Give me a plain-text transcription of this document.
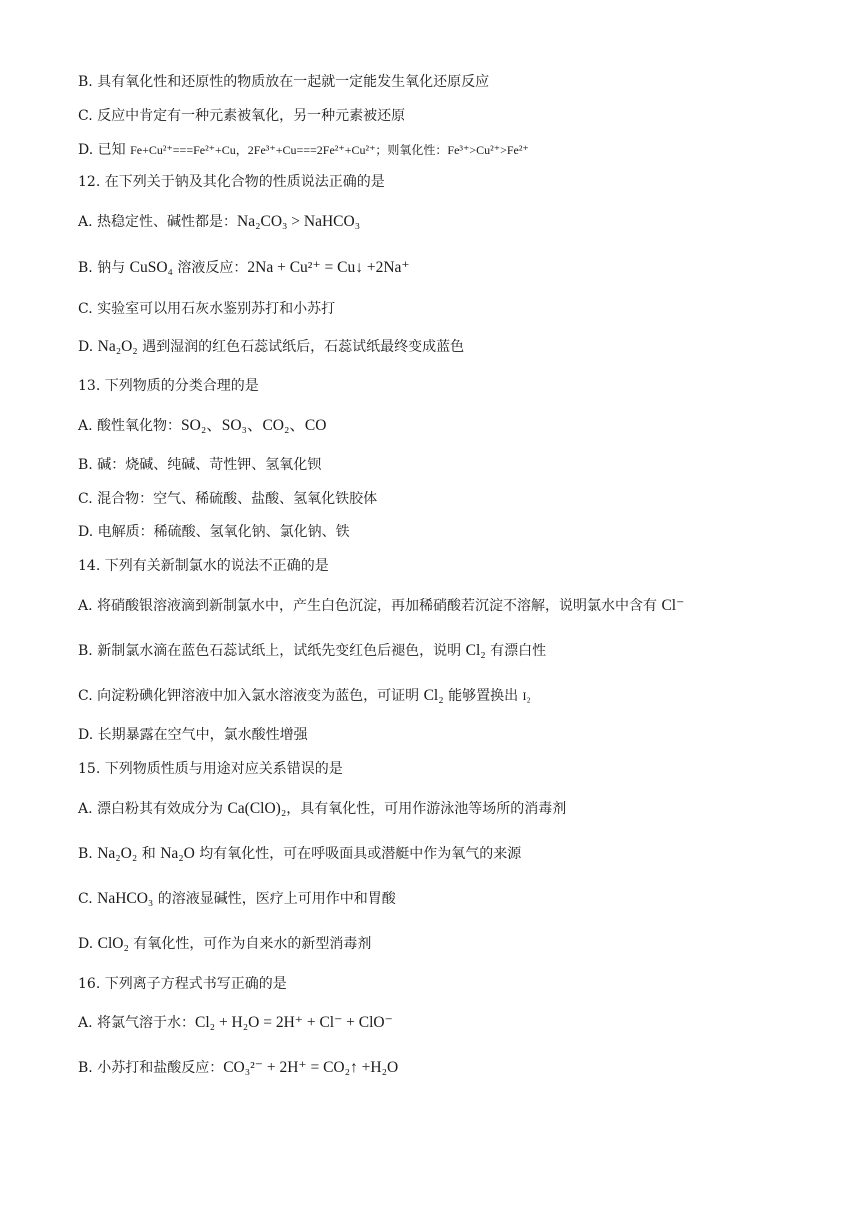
B. 具有氧化性和还原性的物质放在一起就一定能发生氧化还原反应
C. 反应中肯定有一种元素被氧化，另一种元素被还原
D. 已知 Fe+Cu²⁺===Fe²⁺+Cu，2Fe³⁺+Cu===2Fe²⁺+Cu²⁺；则氧化性：Fe³⁺>Cu²⁺>Fe²⁺
12. 在下列关于钠及其化合物的性质说法正确的是
A. 热稳定性、碱性都是：Na₂CO₃ > NaHCO₃
B. 钠与 CuSO₄ 溶液反应：2Na + Cu²⁺ = Cu↓ +2Na⁺
C. 实验室可以用石灰水鉴别苏打和小苏打
D. Na₂O₂ 遇到湿润的红色石蕊试纸后，石蕊试纸最终变成蓝色
13. 下列物质的分类合理的是
A. 酸性氧化物：SO₂、SO₃、CO₂、CO
B. 碱：烧碱、纯碱、苛性钾、氢氧化钡
C. 混合物：空气、稀硫酸、盐酸、氢氧化铁胶体
D. 电解质：稀硫酸、氢氧化钠、氯化钠、铁
14. 下列有关新制氯水的说法不正确的是
A. 将硝酸银溶液滴到新制氯水中，产生白色沉淀，再加稀硝酸若沉淀不溶解，说明氯水中含有 Cl⁻
B. 新制氯水滴在蓝色石蕊试纸上，试纸先变红色后褪色，说明 Cl₂ 有漂白性
C. 向淀粉碘化钾溶液中加入氯水溶液变为蓝色，可证明 Cl₂ 能够置换出 I₂
D. 长期暴露在空气中，氯水酸性增强
15. 下列物质性质与用途对应关系错误的是
A. 漂白粉其有效成分为 Ca(ClO)₂，具有氧化性，可用作游泳池等场所的消毒剂
B. Na₂O₂ 和 Na₂O 均有氧化性，可在呼吸面具或潜艇中作为氧气的来源
C. NaHCO₃ 的溶液显碱性，医疗上可用作中和胃酸
D. ClO₂ 有氧化性，可作为自来水的新型消毒剂
16. 下列离子方程式书写正确的是
A. 将氯气溶于水：Cl₂ + H₂O = 2H⁺ + Cl⁻ + ClO⁻
B. 小苏打和盐酸反应：CO₃²⁻ + 2H⁺ = CO₂↑ +H₂O
